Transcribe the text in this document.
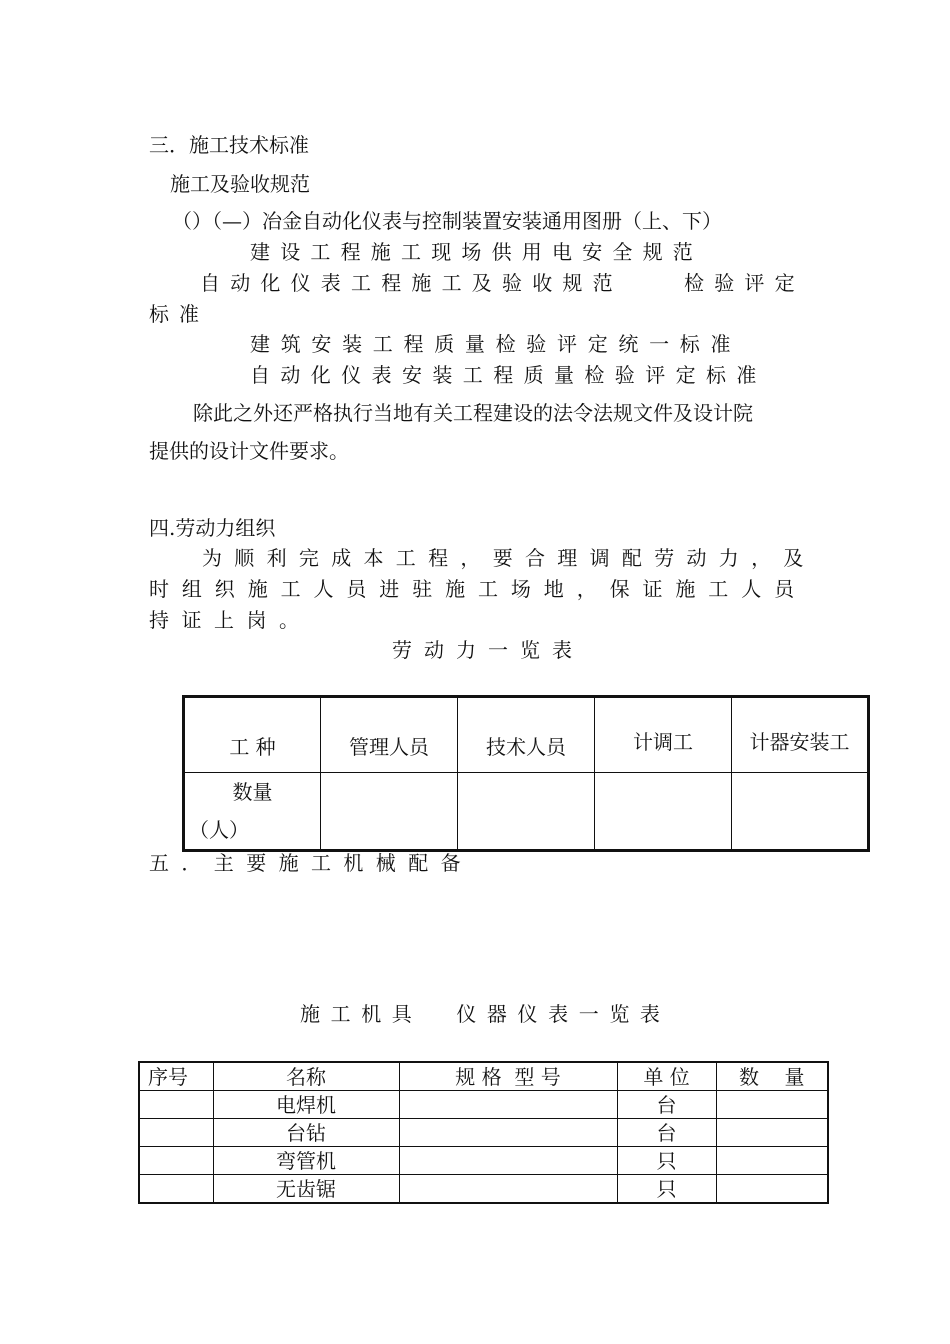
三．施工技术标准
施工及验收规范
（）（—）冶金自动化仪表与控制装置安装通用图册（上、下）
建设工程施工现场供用电安全规范
自动化仪表工程施工及验收规范	检验评定
标准
建筑安装工程质量检验评定统一标准
自动化仪表安装工程质量检验评定标准
除此之外还严格执行当地有关工程建设的法令法规文件及设计院
提供的设计文件要求。
四.劳动力组织
为顺利完成本工程，要合理调配劳动力，及
时组织施工人员进驻施工场地，保证施工人员
持证上岗。
劳动力一览表
工 种	管理人员	技术人员	计调工	计器安装工

数量
（人）				

五．主要施工机械配备
施工机具  仪器仪表一览表
序号	名称	规 格  型 号	单 位	数    量
	电焊机		台	
	台钻		台	
	弯管机		只	
	无齿锯		只	
